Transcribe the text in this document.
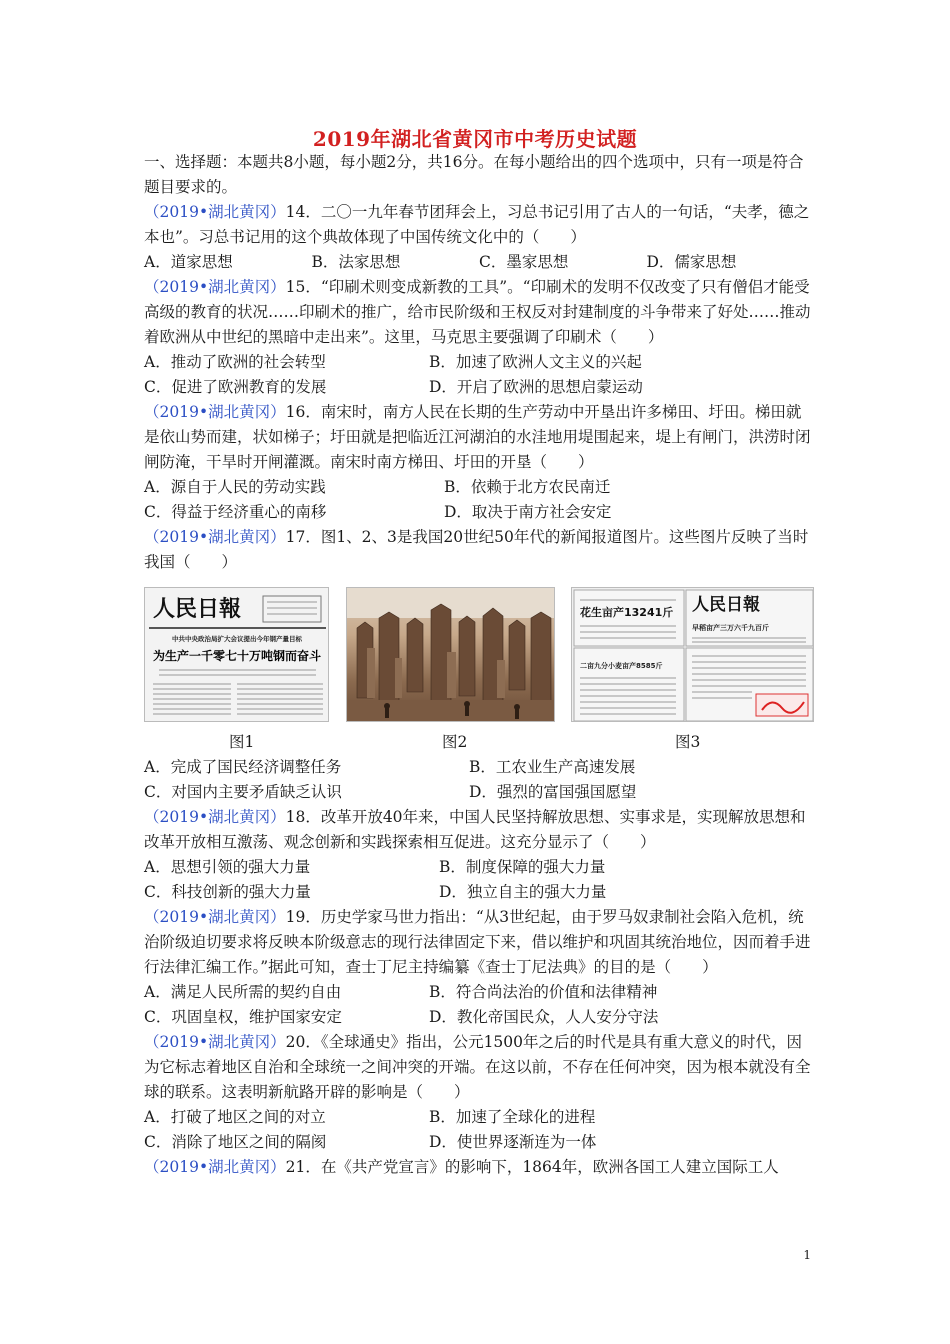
2019年湖北省黄冈市中考历史试题

一、选择题：本题共8小题，每小题2分，共16分。在每小题给出的四个选项中，只有一项是符合题目要求的。

（2019•湖北黄冈）14．二〇一九年春节团拜会上，习总书记引用了古人的一句话，“夫孝，德之本也”。习总书记用的这个典故体现了中国传统文化中的（　　）

A．道家思想	B．法家思想	C．墨家思想	D．儒家思想

（2019•湖北黄冈）15．“印刷术则变成新教的工具”。“印刷术的发明不仅改变了只有僧侣才能受高级的教育的状况……印刷术的推广，给市民阶级和王权反对封建制度的斗争带来了好处……推动着欧洲从中世纪的黑暗中走出来”。这里，马克思主要强调了印刷术（　　）

A．推动了欧洲的社会转型	B．加速了欧洲人文主义的兴起
C．促进了欧洲教育的发展	D．开启了欧洲的思想启蒙运动

（2019•湖北黄冈）16．南宋时，南方人民在长期的生产劳动中开垦出许多梯田、圩田。梯田就是依山势而建，状如梯子；圩田就是把临近江河湖泊的水洼地用堤围起来，堤上有闸门，洪涝时闭闸防淹，干旱时开闸灌溉。南宋时南方梯田、圩田的开垦（　　）

A．源自于人民的劳动实践	B．依赖于北方农民南迁
C．得益于经济重心的南移	D．取决于南方社会安定

（2019•湖北黄冈）17．图1、2、3是我国20世纪50年代的新闻报道图片。这些图片反映了当时我国（　　）

人民日報
中共中央政治局扩大会议提出今年钢产量目标
为生产一千零七十万吨钢而奋斗
花生亩产13241斤 人民日報
早稻亩产三万六千九百斤
二亩九分小麦亩产8585斤
图1	图2	图3
A．完成了国民经济调整任务	B．工农业生产高速发展
C．对国内主要矛盾缺乏认识	D．强烈的富国强国愿望

（2019•湖北黄冈）18．改革开放40年来，中国人民坚持解放思想、实事求是，实现解放思想和改革开放相互激荡、观念创新和实践探索相互促进。这充分显示了（　　）

A．思想引领的强大力量	B．制度保障的强大力量
C．科技创新的强大力量	D．独立自主的强大力量

（2019•湖北黄冈）19．历史学家马世力指出：“从3世纪起，由于罗马奴隶制社会陷入危机，统治阶级迫切要求将反映本阶级意志的现行法律固定下来，借以维护和巩固其统治地位，因而着手进行法律汇编工作。”据此可知，查士丁尼主持编纂《查士丁尼法典》的目的是（　　）

A．满足人民所需的契约自由	B．符合尚法治的价值和法律精神
C．巩固皇权，维护国家安定	D．教化帝国民众，人人安分守法

（2019•湖北黄冈）20．《全球通史》指出，公元1500年之后的时代是具有重大意义的时代，因为它标志着地区自治和全球统一之间冲突的开端。在这以前，不存在任何冲突，因为根本就没有全球的联系。这表明新航路开辟的影响是（　　）

A．打破了地区之间的对立	B．加速了全球化的进程
C．消除了地区之间的隔阂	D．使世界逐渐连为一体

（2019•湖北黄冈）21．在《共产党宣言》的影响下，1864年，欧洲各国工人建立国际工人

1
